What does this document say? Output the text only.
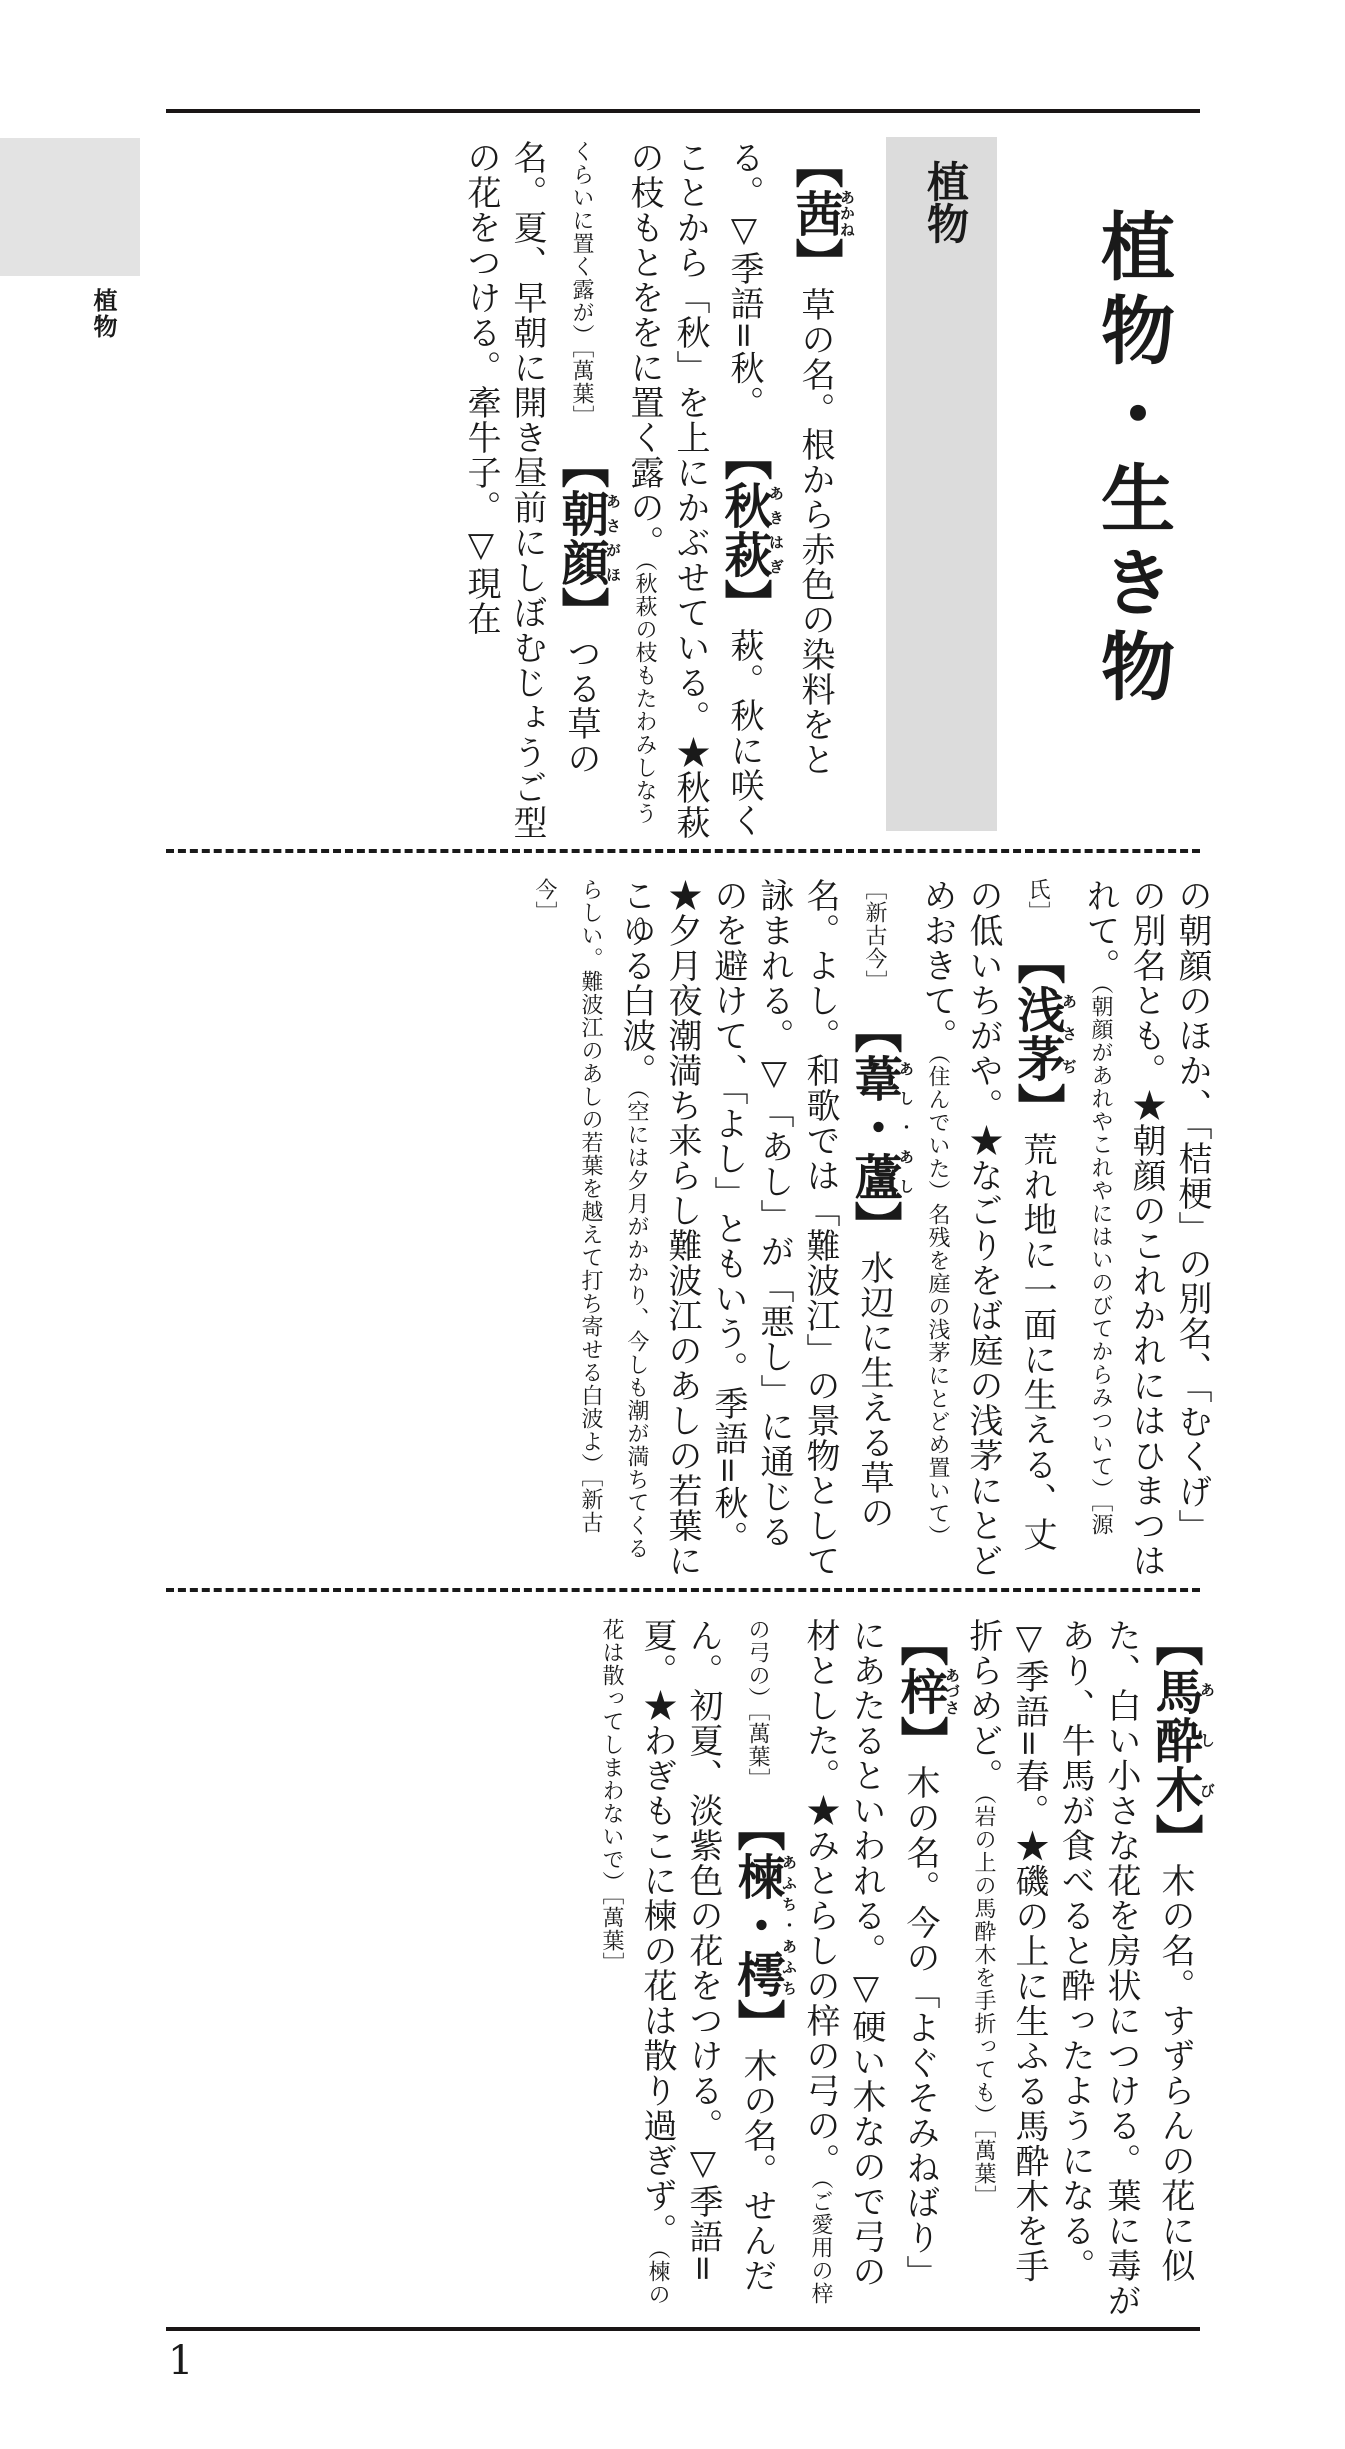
植物	植物・生き物
植物
【茜あかね】草の名。根から赤色の染料をとる。▽季語=秋。 【秋萩あきはぎ】萩。秋に咲くことから「秋」を上にかぶせている。★秋萩の枝もとををに置く露の。（秋萩の枝もたわみしなうくらいに置く露が）［萬葉］ 【朝顔あさがほ】つる草の名。夏、早朝に開き昼前にしぼむじょうご型の花をつける。牽牛子。▽現在
の朝顔のほか、「桔梗」の別名、「むくげ」の別名とも。★朝顔のこれかれにはひまつはれて。（朝顔があれやこれやにはいのびてからみついて）［源氏］ 【浅茅あさぢ】荒れ地に一面に生える、丈の低いちがや。★なごりをば庭の浅茅にとどめおきて。（住んでいた）名残を庭の浅茅にとどめ置いて）［新古今］ 【葦・蘆あし・あし】水辺に生える草の名。よし。和歌では「難波江」の景物として詠まれる。▽「あし」が「悪し」に通じるのを避けて、「よし」ともいう。季語=秋。★夕月夜潮満ち来らし難波江のあしの若葉にこゆる白波。（空には夕月がかかり、今しも潮が満ちてくるらしい。難波江のあしの若葉を越えて打ち寄せる白波よ）［新古今］
【馬酔木あしび】木の名。すずらんの花に似た、白い小さな花を房状につける。葉に毒があり、牛馬が食べると酔ったようになる。▽季語=春。★磯の上に生ふる馬酔木を手折らめど。（岩の上の馬酔木を手折っても）［萬葉］ 【梓あづさ】木の名。今の「よぐそみねばり」にあたるといわれる。▽硬い木なので弓の材とした。★みとらしの梓の弓の。（ご愛用の梓の弓の）［萬葉］ 【楝・樗あふち・あふち】木の名。せんだん。初夏、淡紫色の花をつける。▽季語=夏。★わぎもこに楝の花は散り過ぎず。（楝の花は散ってしまわないで）［萬葉］
1
